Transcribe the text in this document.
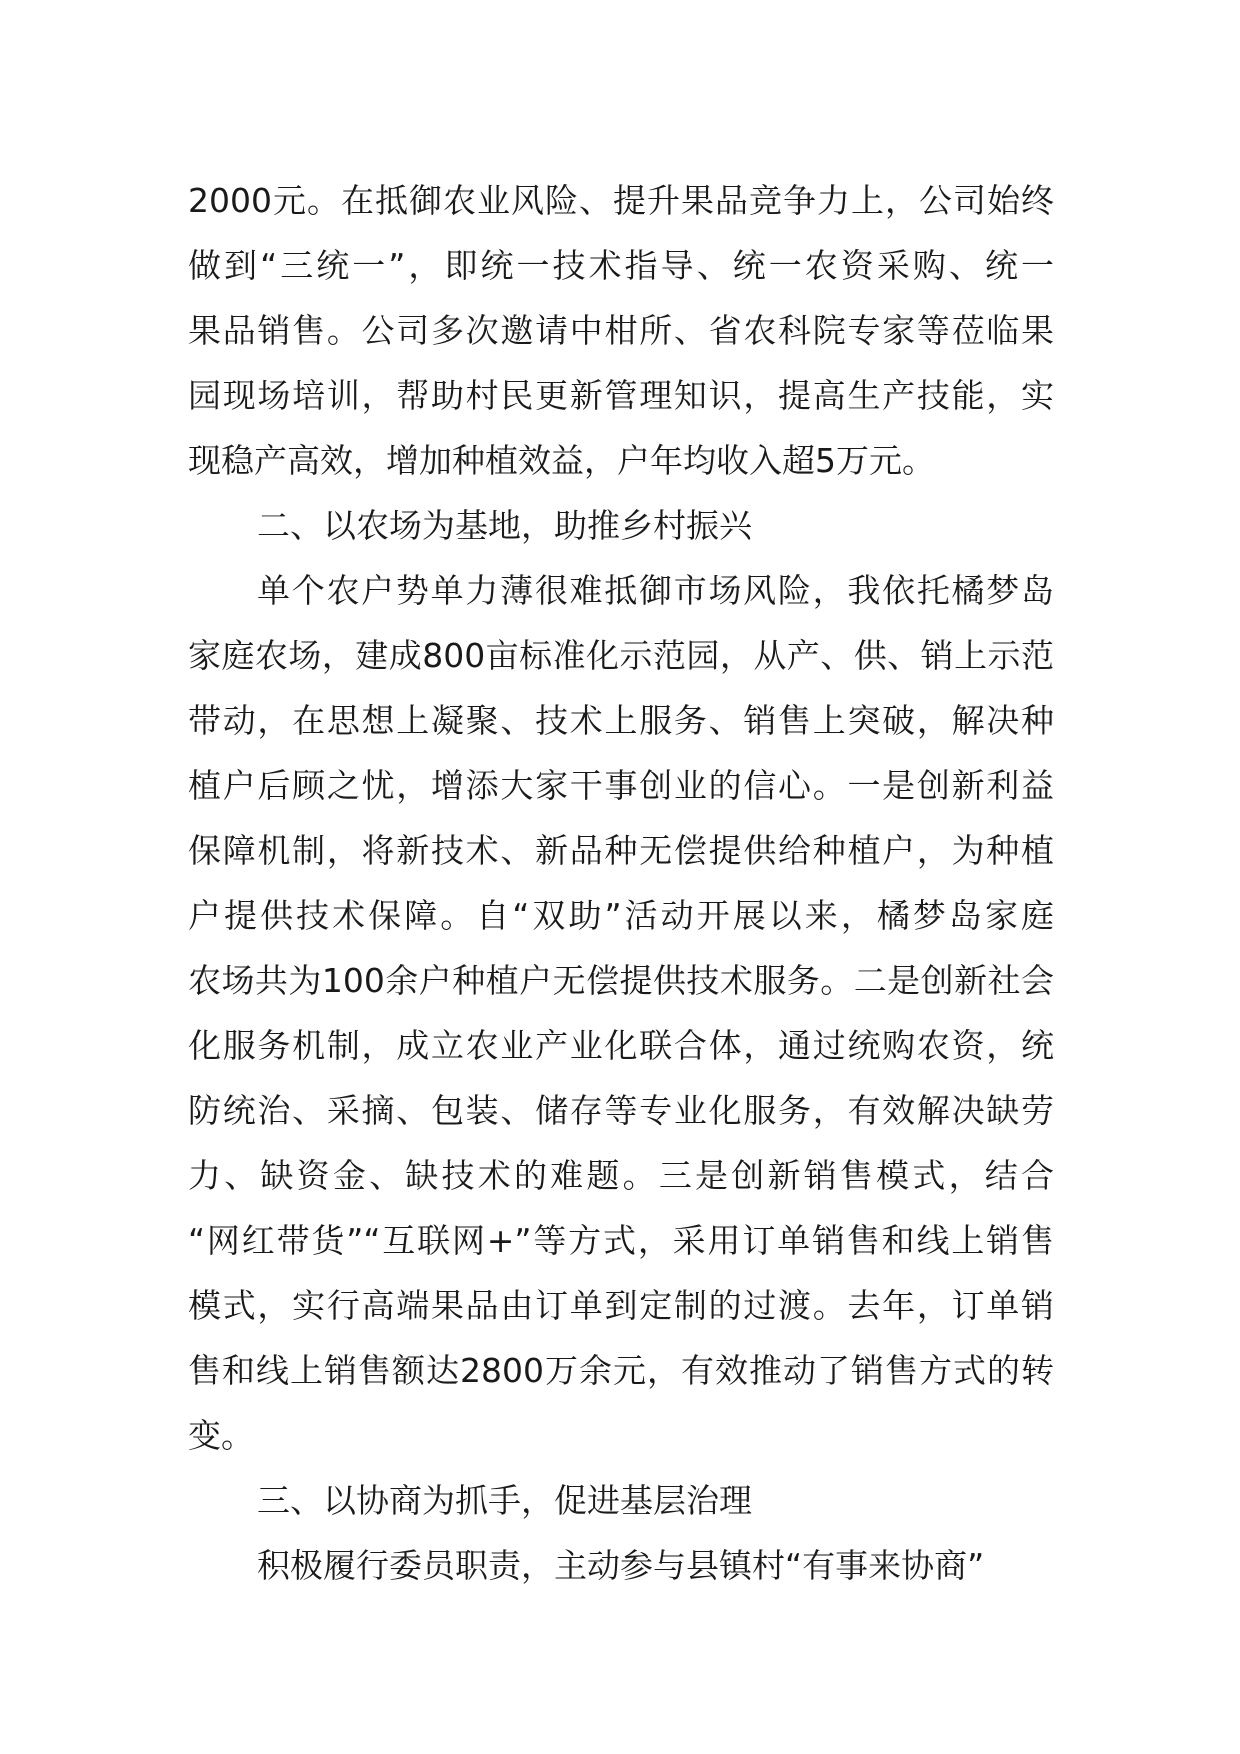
2000元。在抵御农业风险、提升果品竞争力上，公司始终
做到“三统一”，即统一技术指导、统一农资采购、统一
果品销售。公司多次邀请中柑所、省农科院专家等莅临果
园现场培训，帮助村民更新管理知识，提高生产技能，实
现稳产高效，增加种植效益，户年均收入超5万元。
二、以农场为基地，助推乡村振兴
单个农户势单力薄很难抵御市场风险，我依托橘梦岛
家庭农场，建成800亩标准化示范园，从产、供、销上示范
带动，在思想上凝聚、技术上服务、销售上突破，解决种
植户后顾之忧，增添大家干事创业的信心。一是创新利益
保障机制，将新技术、新品种无偿提供给种植户，为种植
户提供技术保障。自“双助”活动开展以来，橘梦岛家庭
农场共为100余户种植户无偿提供技术服务。二是创新社会
化服务机制，成立农业产业化联合体，通过统购农资，统
防统治、采摘、包装、储存等专业化服务，有效解决缺劳
力、缺资金、缺技术的难题。三是创新销售模式，结合
“网红带货”“互联网+”等方式，采用订单销售和线上销售
模式，实行高端果品由订单到定制的过渡。去年，订单销
售和线上销售额达2800万余元，有效推动了销售方式的转
变。
三、以协商为抓手，促进基层治理
积极履行委员职责，主动参与县镇村“有事来协商”
